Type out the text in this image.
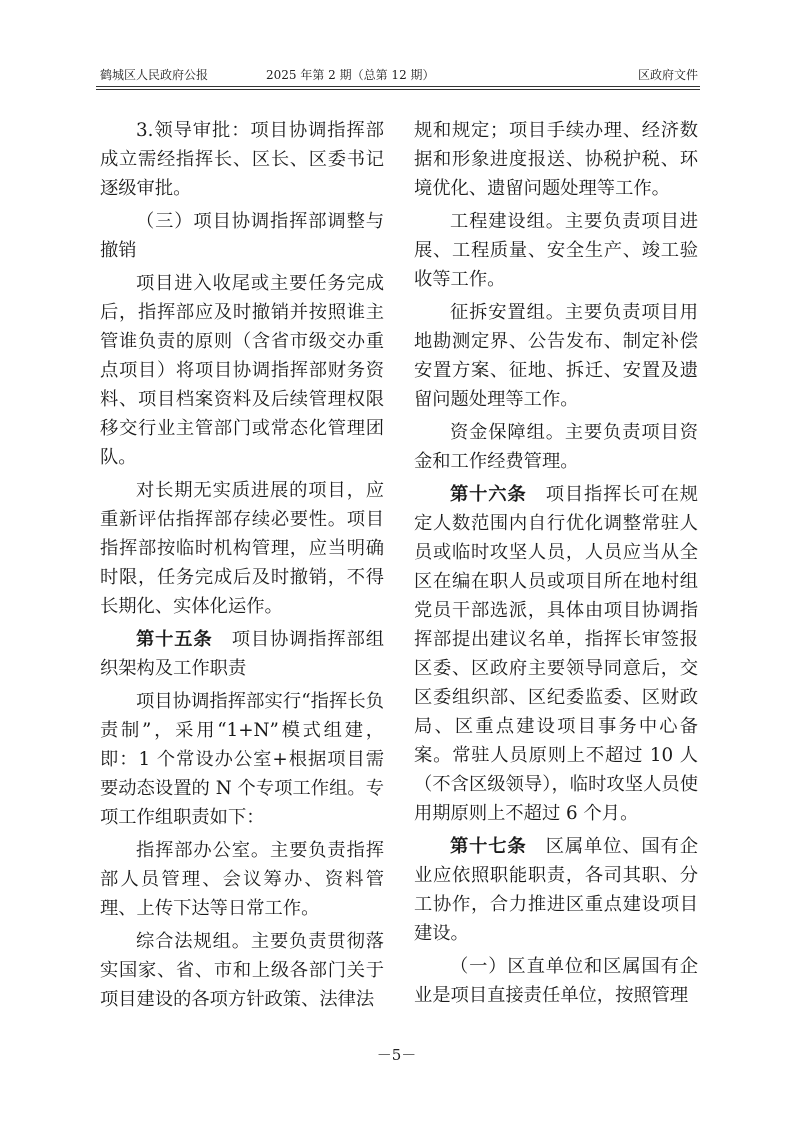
鹤城区人民政府公报	2025 年第 2 期（总第 12 期）	区政府文件

3.领导审批：项目协调指挥部成立需经指挥长、区长、区委书记逐级审批。

（三）项目协调指挥部调整与撤销

项目进入收尾或主要任务完成后，指挥部应及时撤销并按照谁主管谁负责的原则（含省市级交办重点项目）将项目协调指挥部财务资料、项目档案资料及后续管理权限移交行业主管部门或常态化管理团队。

对长期无实质进展的项目，应重新评估指挥部存续必要性。项目指挥部按临时机构管理，应当明确时限，任务完成后及时撤销，不得长期化、实体化运作。

第十五条　项目协调指挥部组织架构及工作职责

项目协调指挥部实行“指挥长负责制”，采用“1+N”模式组建，即：1 个常设办公室+根据项目需要动态设置的 N 个专项工作组。专项工作组职责如下：

指挥部办公室。主要负责指挥部人员管理、会议筹办、资料管理、上传下达等日常工作。

综合法规组。主要负责贯彻落实国家、省、市和上级各部门关于项目建设的各项方针政策、法律法

规和规定；项目手续办理、经济数据和形象进度报送、协税护税、环境优化、遗留问题处理等工作。

工程建设组。主要负责项目进展、工程质量、安全生产、竣工验收等工作。

征拆安置组。主要负责项目用地勘测定界、公告发布、制定补偿安置方案、征地、拆迁、安置及遗留问题处理等工作。

资金保障组。主要负责项目资金和工作经费管理。

第十六条　项目指挥长可在规定人数范围内自行优化调整常驻人员或临时攻坚人员，人员应当从全区在编在职人员或项目所在地村组党员干部选派，具体由项目协调指挥部提出建议名单，指挥长审签报区委、区政府主要领导同意后，交区委组织部、区纪委监委、区财政局、区重点建设项目事务中心备案。常驻人员原则上不超过 10 人（不含区级领导），临时攻坚人员使用期原则上不超过 6 个月。

第十七条　区属单位、国有企业应依照职能职责，各司其职、分工协作，合力推进区重点建设项目建设。

（一）区直单位和区属国有企业是项目直接责任单位，按照管理

－5－
